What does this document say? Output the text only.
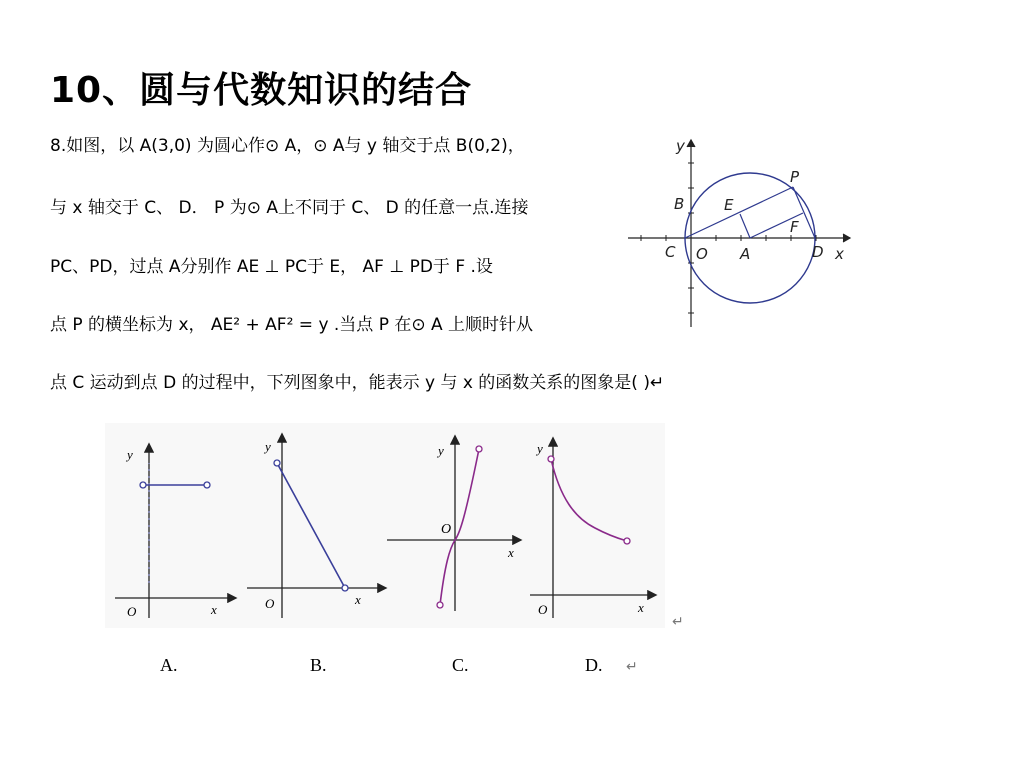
10、圆与代数知识的结合
8.如图，以 A(3,0) 为圆心作⊙ A，⊙ A与 y 轴交于点 B(0,2)，
与 x 轴交于 C、 D． P 为⊙ A上不同于 C、 D 的任意一点.连接
PC、PD，过点 A分别作 AE ⊥ PC于 E， AF ⊥ PD于 F .设
点 P 的横坐标为 x， AE² + AF² = y .当点 P 在⊙ A 上顺时针从
点 C 运动到点 D 的过程中，下列图象中，能表示 y 与 x 的函数关系的图象是( )↵
y
x
P
B	E
F
C O A	D
y
x
O
y
x
O
y
x
O
y
x
O
↵
A.	B.	C.	D. ↵
